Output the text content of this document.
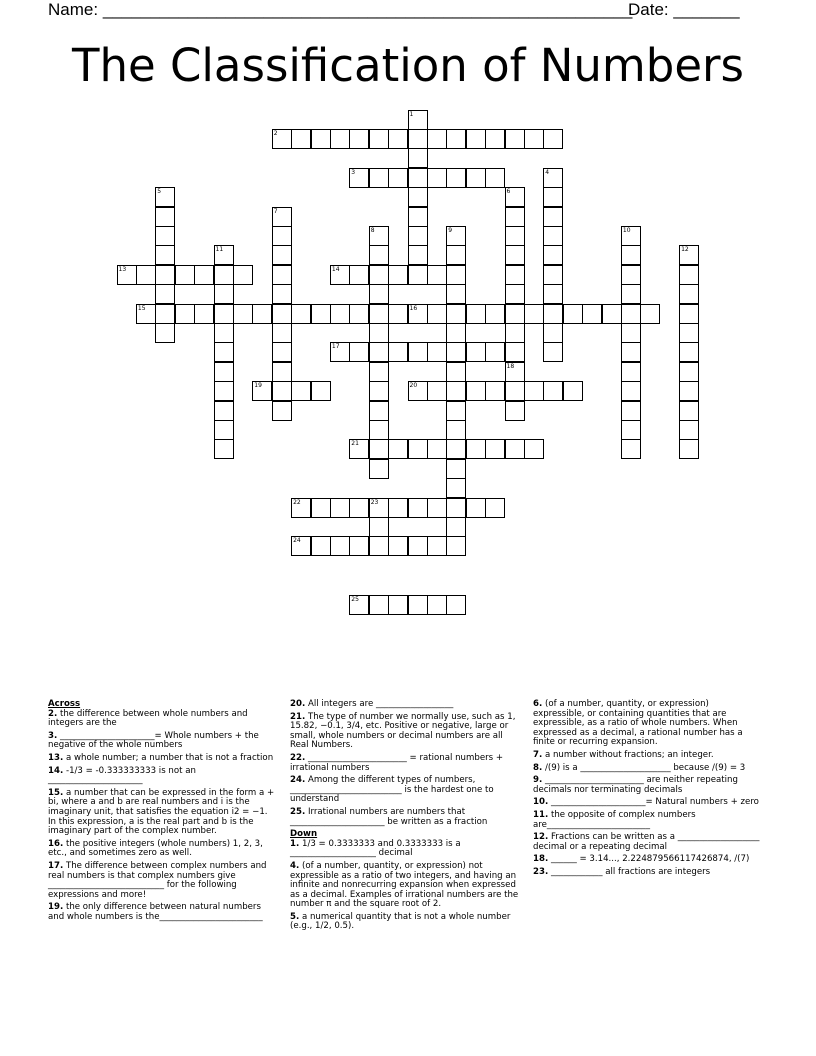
Name: ________________________________________________________
Date: _______
The Classification of Numbers
1
2
3	4
5	6
18
7
8	9	10
11	12
13	14
15	16
17
19	20
21
22	23
24
25
Across
2. the difference between whole numbers and integers are the
3. ______________________= Whole numbers + the negative of the whole numbers
13. a whole number; a number that is not a fraction
14. -1/3 = -0.333333333 is not an ______________________
15. a number that can be expressed in the form a + bi, where a and b are real numbers and i is the imaginary unit, that satisfies the equation i2 = −1. In this expression, a is the real part and b is the imaginary part of the complex number.
16. the positive integers (whole numbers) 1, 2, 3, etc., and sometimes zero as well.
17. The difference between complex numbers and real numbers is that complex numbers give ___________________________ for the following expressions and more!
19. the only difference between natural numbers and whole numbers is the________________________
20. All integers are __________________
21. The type of number we normally use, such as 1, 15.82, −0.1, 3/4, etc. Positive or negative, large or small, whole numbers or decimal numbers are all Real Numbers.
22. _______________________ = rational numbers + irrational numbers
24. Among the different types of numbers, __________________________ is the hardest one to understand
25. Irrational numbers are numbers that ______________________ be written as a fraction
Down
1. 1/3 = 0.3333333 and 0.3333333 is a ____________________ decimal
4. (of a number, quantity, or expression) not expressible as a ratio of two integers, and having an infinite and nonrecurring expansion when expressed as a decimal. Examples of irrational numbers are the number π and the square root of 2.
5. a numerical quantity that is not a whole number (e.g., 1/2, 0.5).
6. (of a number, quantity, or expression) expressible, or containing quantities that are expressible, as a ratio of whole numbers. When expressed as a decimal, a rational number has a finite or recurring expansion.
7. a number without fractions; an integer.
8. /(9) is a _____________________ because /(9) = 3
9. _______________________ are neither repeating decimals nor terminating decimals
10. ______________________= Natural numbers + zero
11. the opposite of complex numbers are________________________
12. Fractions can be written as a ___________________ decimal or a repeating decimal
18. ______ = 3.14..., 2.224879566117426874, /(7)
23. ____________ all fractions are integers
